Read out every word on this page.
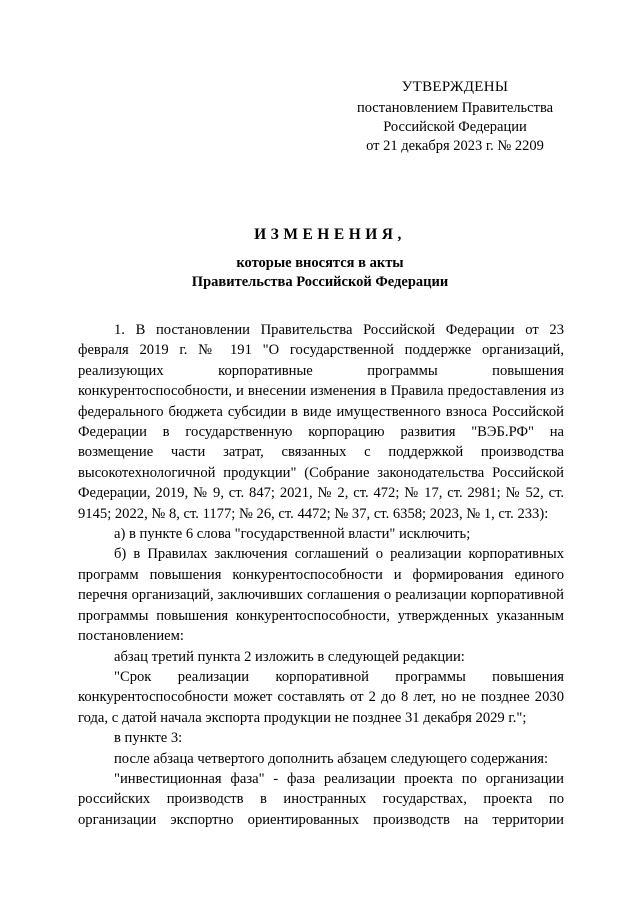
УТВЕРЖДЕНЫ
постановлением Правительства
Российской Федерации
от 21 декабря 2023 г. № 2209
ИЗМЕНЕНИЯ,
которые вносятся в акты
Правительства Российской Федерации

1. В постановлении Правительства Российской Федерации от 23 февраля 2019 г. № 191 "О государственной поддержке организаций, реализующих корпоративные программы повышения конкурентоспособности, и внесении изменения в Правила предоставления из федерального бюджета субсидии в виде имущественного взноса Российской Федерации в государственную корпорацию развития "ВЭБ.РФ" на возмещение части затрат, связанных с поддержкой производства высокотехнологичной продукции" (Собрание законодательства Российской Федерации, 2019, № 9, ст. 847; 2021, № 2, ст. 472; № 17, ст. 2981; № 52, ст. 9145; 2022, № 8, ст. 1177; № 26, ст. 4472; № 37, ст. 6358; 2023, № 1, ст. 233):

а) в пункте 6 слова "государственной власти" исключить;

б) в Правилах заключения соглашений о реализации корпоративных программ повышения конкурентоспособности и формирования единого перечня организаций, заключивших соглашения о реализации корпоративной программы повышения конкурентоспособности, утвержденных указанным постановлением:

абзац третий пункта 2 изложить в следующей редакции:

"Срок реализации корпоративной программы повышения конкурентоспособности может составлять от 2 до 8 лет, но не позднее 2030 года, с датой начала экспорта продукции не позднее 31 декабря 2029 г.";

в пункте 3:

после абзаца четвертого дополнить абзацем следующего содержания:

"инвестиционная фаза" - фаза реализации проекта по организации российских производств в иностранных государствах, проекта по организации экспортно ориентированных производств на территории
